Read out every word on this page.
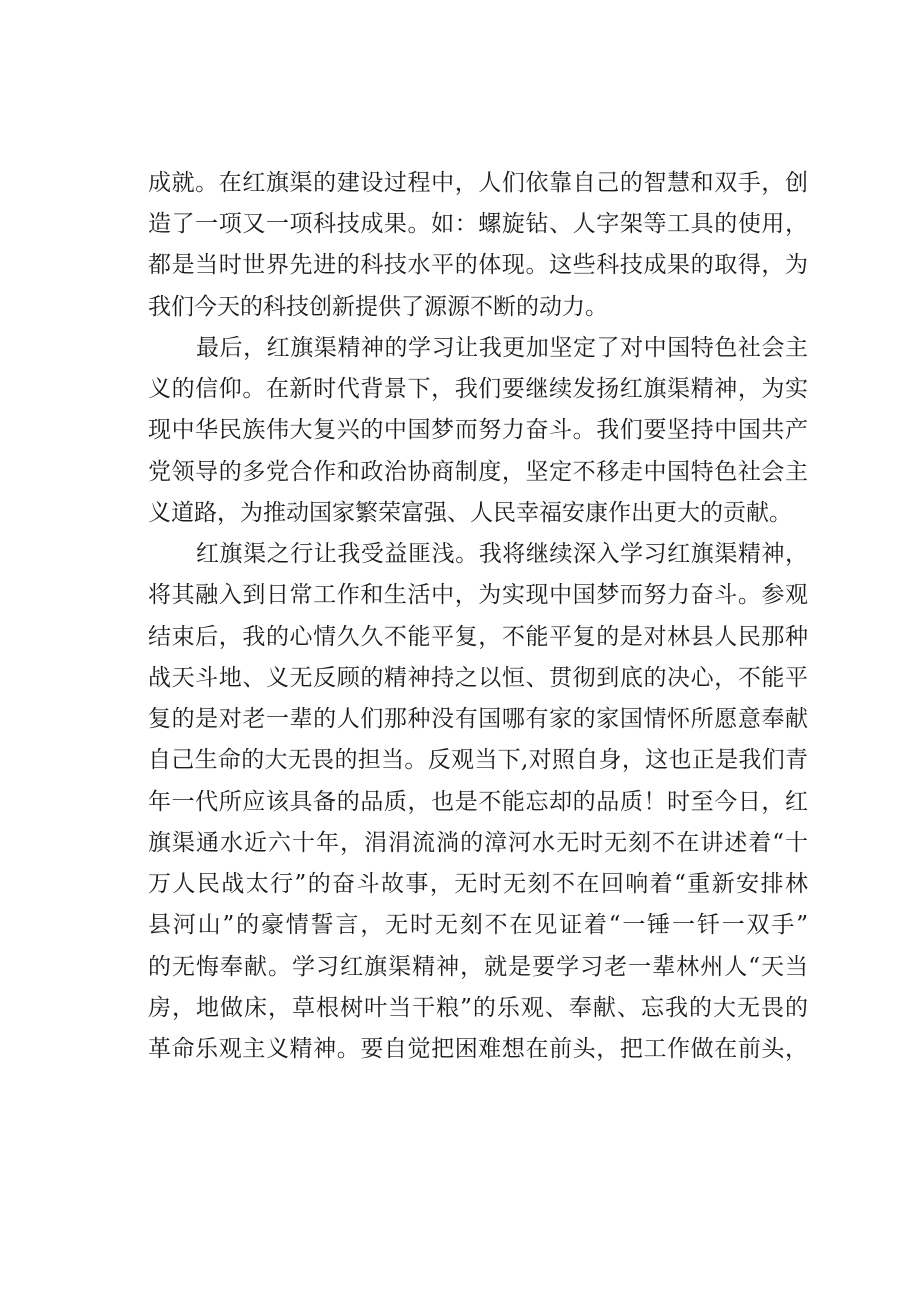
成就。在红旗渠的建设过程中，人们依靠自己的智慧和双手，创

造了一项又一项科技成果。如：螺旋钻、人字架等工具的使用，

都是当时世界先进的科技水平的体现。这些科技成果的取得，为

我们今天的科技创新提供了源源不断的动力。

最后，红旗渠精神的学习让我更加坚定了对中国特色社会主

义的信仰。在新时代背景下，我们要继续发扬红旗渠精神，为实

现中华民族伟大复兴的中国梦而努力奋斗。我们要坚持中国共产

党领导的多党合作和政治协商制度，坚定不移走中国特色社会主

义道路，为推动国家繁荣富强、人民幸福安康作出更大的贡献。

红旗渠之行让我受益匪浅。我将继续深入学习红旗渠精神，

将其融入到日常工作和生活中，为实现中国梦而努力奋斗。参观

结束后，我的心情久久不能平复，不能平复的是对林县人民那种

战天斗地、义无反顾的精神持之以恒、贯彻到底的决心，不能平

复的是对老一辈的人们那种没有国哪有家的家国情怀所愿意奉献

自己生命的大无畏的担当。反观当下,对照自身，这也正是我们青

年一代所应该具备的品质，也是不能忘却的品质！时至今日，红

旗渠通水近六十年，涓涓流淌的漳河水无时无刻不在讲述着“十

万人民战太行”的奋斗故事，无时无刻不在回响着“重新安排林

县河山”的豪情誓言，无时无刻不在见证着“一锤一钎一双手”

的无悔奉献。学习红旗渠精神，就是要学习老一辈林州人“天当

房，地做床，草根树叶当干粮”的乐观、奉献、忘我的大无畏的

革命乐观主义精神。要自觉把困难想在前头，把工作做在前头，
